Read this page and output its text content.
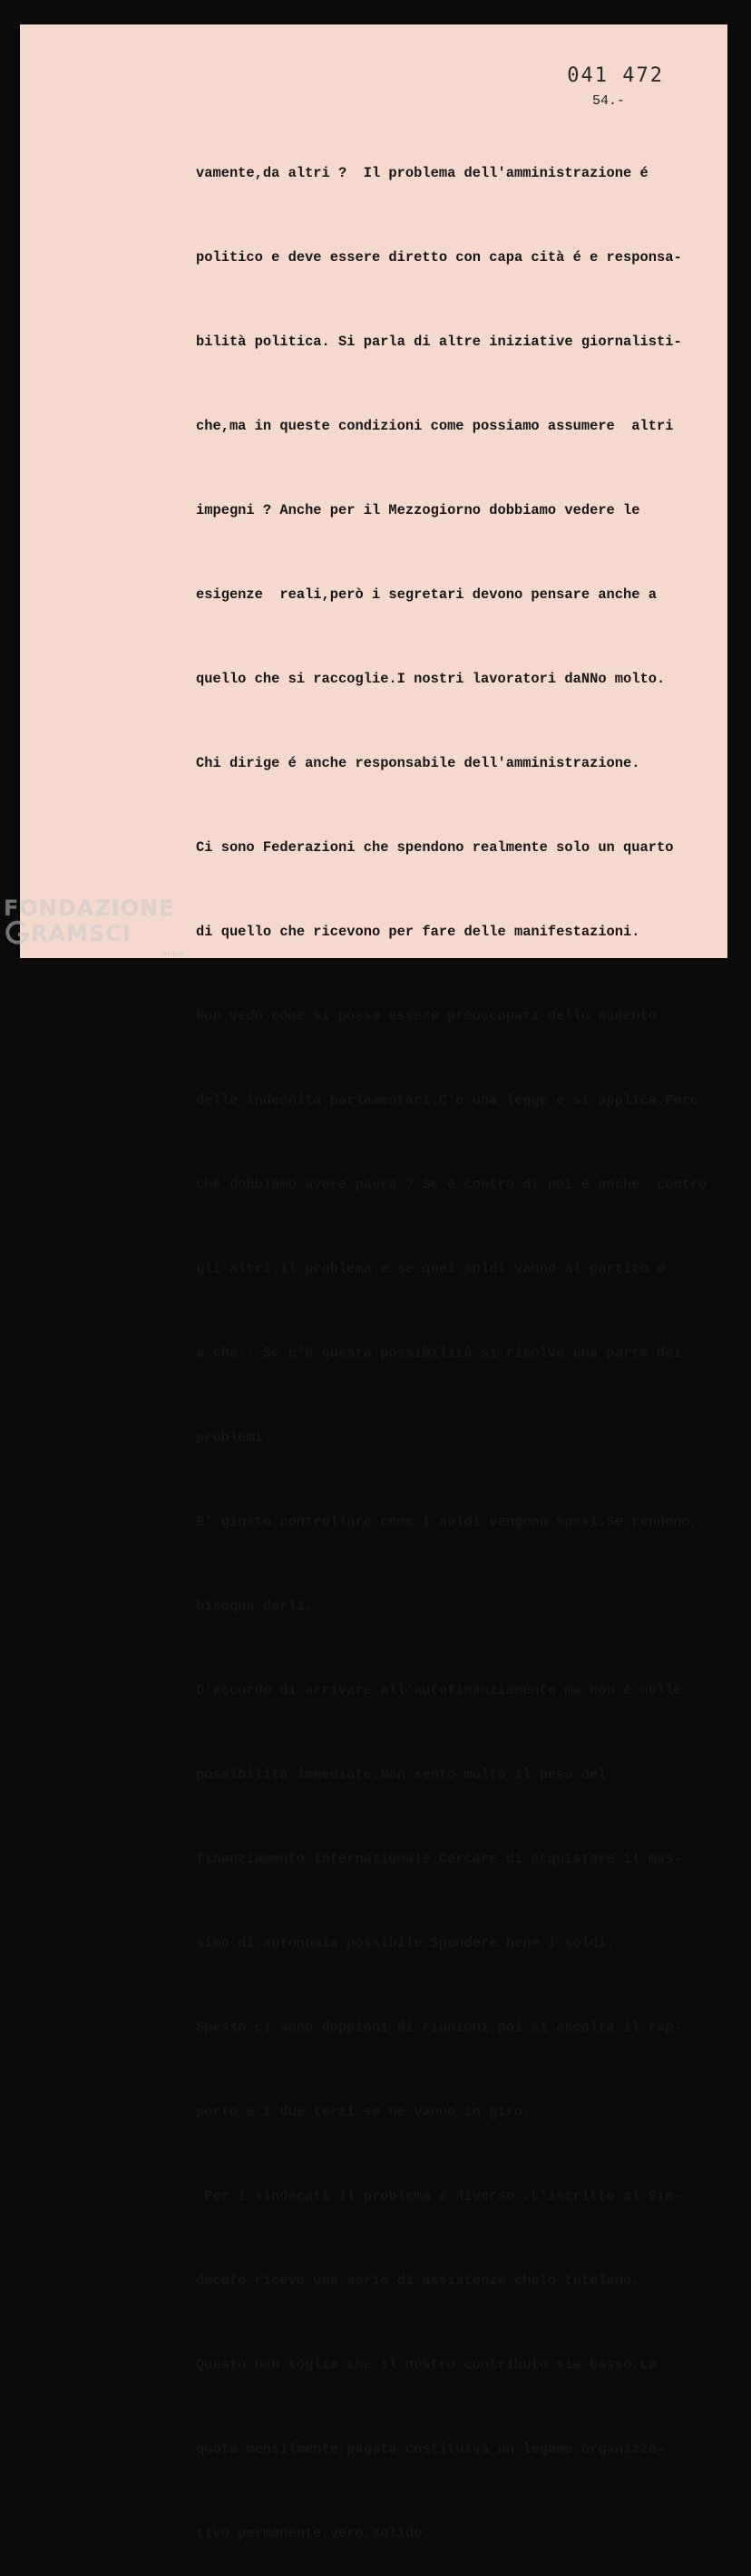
041 472
54.-

vamente,da altri ?  Il problema dell'amministrazione é

politico e deve essere diretto con capa cità é e responsa-

bilità politica. Si parla di altre iniziative giornalisti-

che,ma in queste condizioni come possiamo assumere  altri

impegni ? Anche per il Mezzogiorno dobbiamo vedere le

esigenze  reali,però i segretari devono pensare anche a

quello che si raccoglie.I nostri lavoratori daNNo molto.

Chi dirige é anche responsabile dell'amministrazione.

Ci sono Federazioni che spendono realmente solo un quarto

di quello che ricevono per fare delle manifestazioni.

Non vedo come si possa essere preoccupati dello aumento

delle indennità parlamentari.C'é una legge e si applica.Pere

ché dobbiamo avere paura ? Se é contro di noi é anche  contro

gli altri.Il problema é se quei soldi vanno al partito o

a che . Se c'é questa possibilità si risolve una parte dei

problemi.

E' giusto controllare come i soldi vengono spesi.Se rendono,

bisogna darli.

D'accordo di arrivare all'autofinanziamento ma non é nelle

possibilità immediate.Non sento molto il peso del

finanziamento internazionale.Cercare di acquistare il mas-

simo di autonomia possibile.Spendere bene i soldi.

Spesso ci sono doppioni di riunioni,poi si ascolta il rap-

porto e i due terzi se ne vanno in giro.

Per i sindacati il problema é diverso .L'iscritto al Sin-

dacato riceve una serie di assistenze chelo tutelano.

Questo non toglie che il nostro contributo sia basso.La

quota mensilmente pagata costituiva un legame organizza-

tivo permanente,vero,solido.

FONDAZIONE
RAMSCI
onlus
